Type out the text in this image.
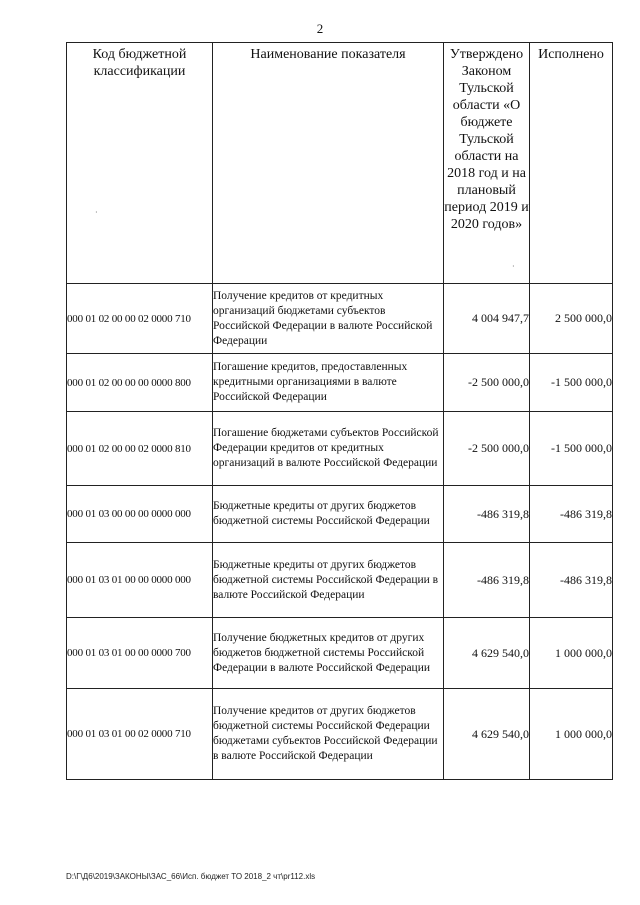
2
Код бюджетной классификации	Наименование показателя	Утверждено Законом Тульской области «О бюджете Тульской области на 2018 год и на плановый период 2019 и 2020 годов»	Исполнено
000 01 02 00 00 02 0000 710	Получение кредитов от кредитных организаций бюджетами субъектов Российской Федерации в валюте Российской Федерации	4 004 947,7	2 500 000,0
000 01 02 00 00 00 0000 800	Погашение кредитов, предоставленных кредитными организациями в валюте Российской Федерации	-2 500 000,0	-1 500 000,0
000 01 02 00 00 02 0000 810	Погашение бюджетами субъектов Российской Федерации кредитов от кредитных организаций в валюте Российской Федерации	-2 500 000,0	-1 500 000,0
000 01 03 00 00 00 0000 000	Бюджетные кредиты от других бюджетов бюджетной системы Российской Федерации	-486 319,8	-486 319,8
000 01 03 01 00 00 0000 000	Бюджетные кредиты от других бюджетов бюджетной системы Российской Федерации в валюте Российской Федерации	-486 319,8	-486 319,8
000 01 03 01 00 00 0000 700	Получение бюджетных кредитов от других бюджетов бюджетной системы Российской Федерации в валюте Российской Федерации	4 629 540,0	1 000 000,0
000 01 03 01 00 02 0000 710	Получение кредитов от других бюджетов бюджетной системы Российской Федерации бюджетами субъектов Российской Федерации в валюте Российской Федерации	4 629 540,0	1 000 000,0
·
·
D:\Г\Д6\2019\ЗАКОНЫ\ЗАС_66\Исп. бюджет ТО 2018_2 чт\pr112.xls
